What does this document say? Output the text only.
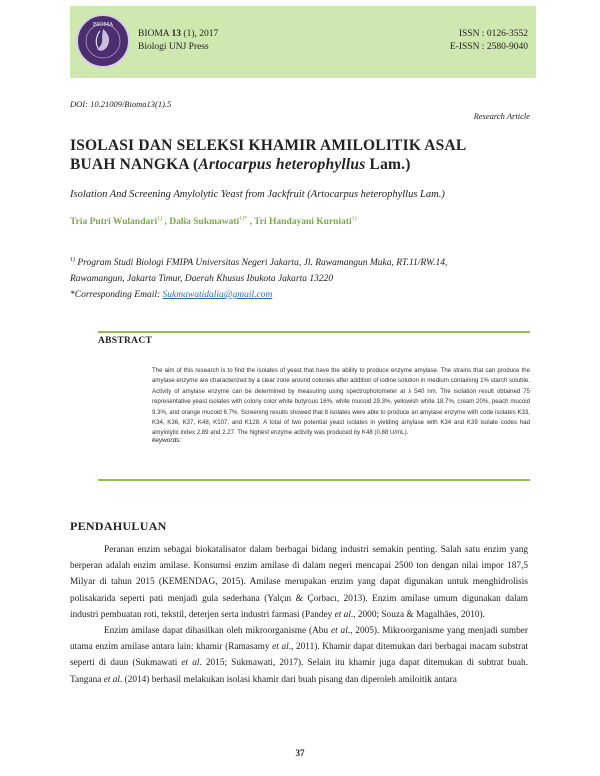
BIOMA
BIOMA 13 (1), 2017
Biologi UNJ Press
ISSN : 0126-3552
E-ISSN : 2580-9040
DOI: 10.21009/Bioma13(1).5
Research Article
ISOLASI DAN SELEKSI KHAMIR AMILOLITIK ASAL
BUAH NANGKA (Artocarpus heterophyllus Lam.)
Isolation And Screening Amylolytic Yeast from Jackfruit (Artocarpus heterophyllus Lam.)
Tria Putri Wulandari$^{1)}$ , Dalia Sukmawati$^{1)*}$ , Tri Handayani Kurniati$^{1)}$
$^{1)}$ Program Studi Biologi FMIPA Universitas Negeri Jakarta, Jl. Rawamangun Muka, RT.11/RW.14,
Rawamangun, Jakarta Timur, Daerah Khusus Ibukota Jakarta 13220
*Corresponding Email: Sukmawatidalia@gmail.com
ABSTRACT
The aim of this research is to find the isolates of yeast that have the ability to produce enzyme amylase. The strains that can produce the amylase enzyme are characterized by a clear zone around colonies after addition of iodine solution in medium containing 1% starch soluble. Activity of amylase enzyme can be determined by measuring using spectrophotometer at λ 540 nm. The isolation result obtained 75 representative yeast isolates with colony color white butyrous 16%, white mucoid 29.3%, yellowish white 18.7%, cream 20%, peach mucoid 9.3%, and orange mucoid 6.7%. Screening results showed that 8 isolates were able to produce an amylase enzyme with code isolates K33, K34, K36, K37, K48, K107, and K128. A total of two potential yeast isolates in yielding amylase with K34 and K39 isolate codes had amylolytic index 2.89 and 2.27. The highest enzyme activity was produced by K48 (0.88 U/mL).
keywords:
PENDAHULUAN

Peranan enzim sebagai biokatalisator dalam berbagai bidang industri semakin penting. Salah satu enzim yang berperan adalah enzim amilase. Konsumsi enzim amilase di dalam negeri mencapai 2500 ton dengan nilai impor 187,5 Milyar di tahun 2015 (KEMENDAG, 2015). Amilase merupakan enzim yang dapat digunakan untuk menghidrolisis polisakarida seperti pati menjadi gula sederhana (Yalçın & Çorbacı, 2013). Enzim amilase umum digunakan dalam industri pembuatan roti, tekstil, deterjen serta industri farmasi (Pandey et al., 2000; Souza & Magalhães, 2010).

Enzim amilase dapat dihasilkan oleh mikroorganisme (Abu et al., 2005). Mikroorganisme yang menjadi sumber utama enzim amilase antara lain: khamir (Ramasamy et al., 2011). Khamir dapat ditemukan dari berbagai macam substrat seperti di daun (Sukmawati et al. 2015; Sukmawati, 2017). Selain itu khamir juga dapat ditemukan di subtrat buah. Tangana et al. (2014) berhasil melakukan isolasi khamir dari buah pisang dan diperoleh amiloitik antara

37
